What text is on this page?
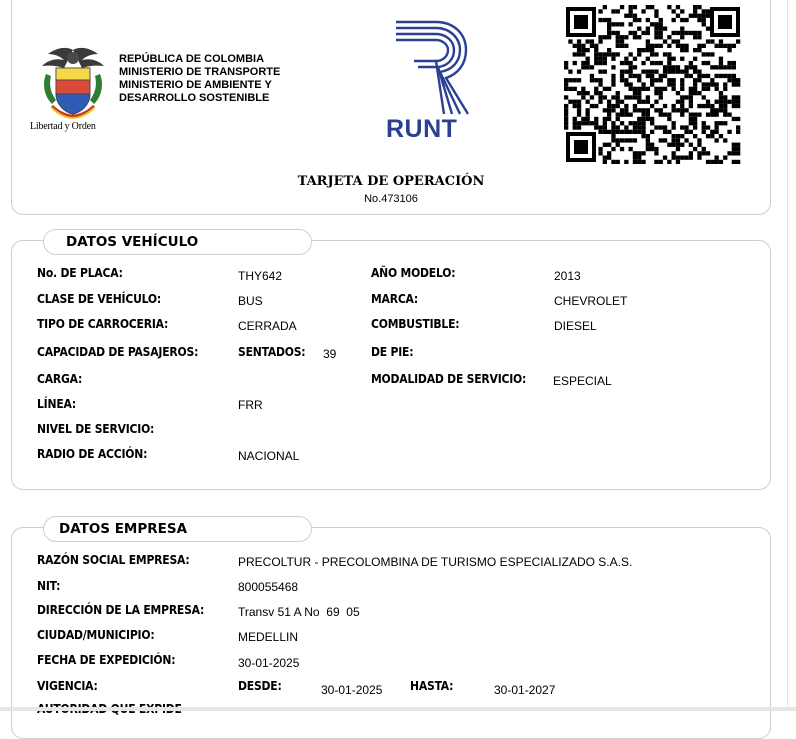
Libertad y Orden
REPÚBLICA DE COLOMBIA
MINISTERIO DE TRANSPORTE
MINISTERIO DE AMBIENTE Y
DESARROLLO SOSTENIBLE
RUNT
TARJETA DE OPERACIÓN
No.473106
DATOS VEHÍCULO
No. DE PLACA:	THY642
CLASE DE VEHÍCULO:	BUS
TIPO DE CARROCERIA:	CERRADA
CAPACIDAD DE PASAJEROS:	SENTADOS: 39
CARGA:
LÍNEA:	FRR
NIVEL DE SERVICIO:
RADIO DE ACCIÓN:	NACIONAL
AÑO MODELO:	2013
MARCA:	CHEVROLET
COMBUSTIBLE:	DIESEL
DE PIE:
MODALIDAD DE SERVICIO: ESPECIAL
DATOS EMPRESA
RAZÓN SOCIAL EMPRESA:	PRECOLTUR - PRECOLOMBINA DE TURISMO ESPECIALIZADO S.A.S.
NIT:	800055468
DIRECCIÓN DE LA EMPRESA:	Transv 51 A No  69  05
CIUDAD/MUNICIPIO:	MEDELLIN
FECHA DE EXPEDICIÓN:	30-01-2025
VIGENCIA:	DESDE:	30-01-2025 HASTA:	30-01-2027
